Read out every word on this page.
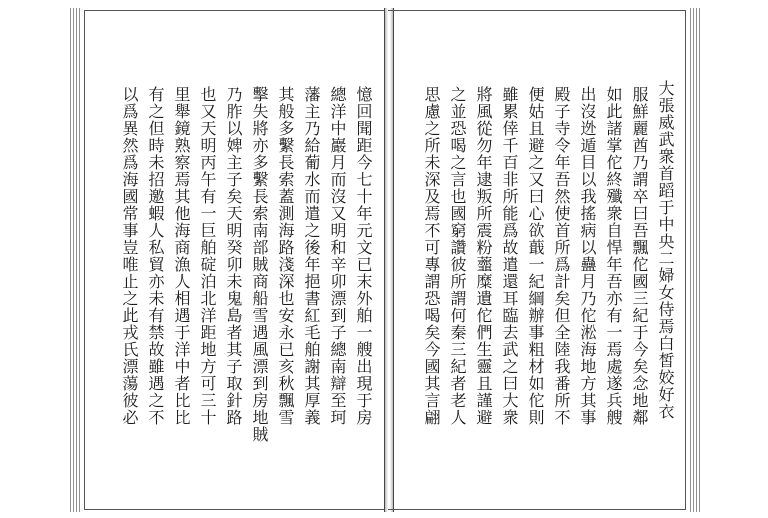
大張威武衆首蹈于中央二婦女侍焉白皙姣好衣
服鮮麗酋乃謂卒曰吾飄佗國三紀于今矣念地鄰
如此諸掌佗終殲衆自悍年吾亦有一焉處遂兵艘
出沒迯遁目以我搖病以蠱月乃佗淞海地方其事
殿子寺令年吾然使首所爲計矣但全陸我番所不
便姑且避之又曰心欲蕺一紀綱辦事粗材如佗則
雖累倖千百非所能爲故遣還耳臨去武之曰大衆
將風從勿年逮叛所震粉虀糜遺佗們生靈且謹避
之並恐喝之言也國窮讚彼所謂何秦三紀者老人
思慮之所未深及焉不可專謂恐喝矣今國其言翩
憶回聞距今七十年元文已末外舶一艘出現于房
總洋中巖月而沒又明和辛卯漂到子總南辯至珂
藩主乃給葡水而遣之後年挹書紅毛舶謝其厚義
其般多繫長索蓋測海路淺深也安永已亥秋飄雪
擊失將亦多繫長索南部賊商船雪遇風漂到房地賊
乃胙以婢主子矣天明癸卯未鬼島者其子取針路
也又天明丙午有一巨舶碇泊北洋距地方可三十
里舉鏡熟察焉其他海商漁人相遇于洋中者比比
有之但時未招邀蝦人私貿亦未有禁故雖遇之不
以爲異然爲海國常事豈唯止之此戎氏漂蕩彼必
